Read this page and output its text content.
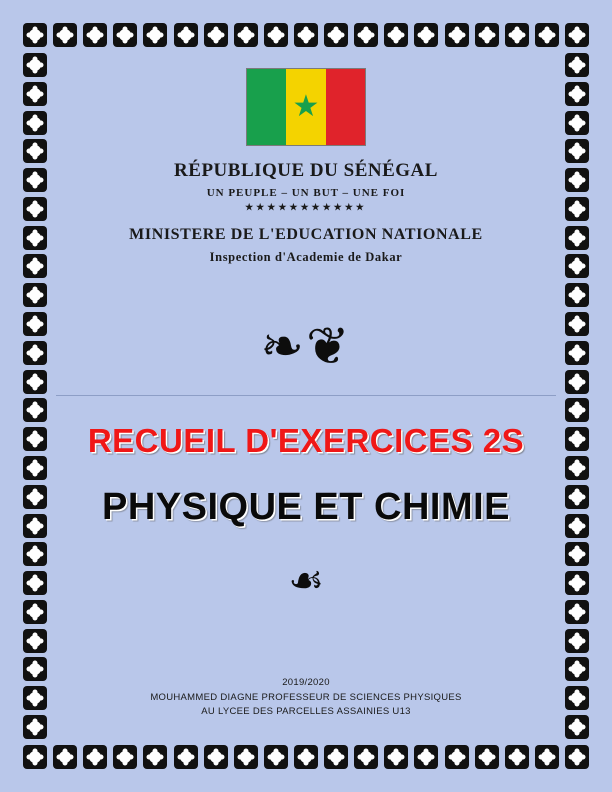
★

RÉPUBLIQUE DU SÉNÉGAL

UN PEUPLE – UN BUT – UNE FOI

★★★★★★★★★★★

MINISTERE DE L'EDUCATION NATIONALE

Inspection d'Academie de Dakar

❧❦
RECUEIL D'EXERCICES 2S
PHYSIQUE ET CHIMIE
☙
2019/2020
MOUHAMMED DIAGNE PROFESSEUR DE SCIENCES PHYSIQUES
AU LYCEE DES PARCELLES ASSAINIES U13
